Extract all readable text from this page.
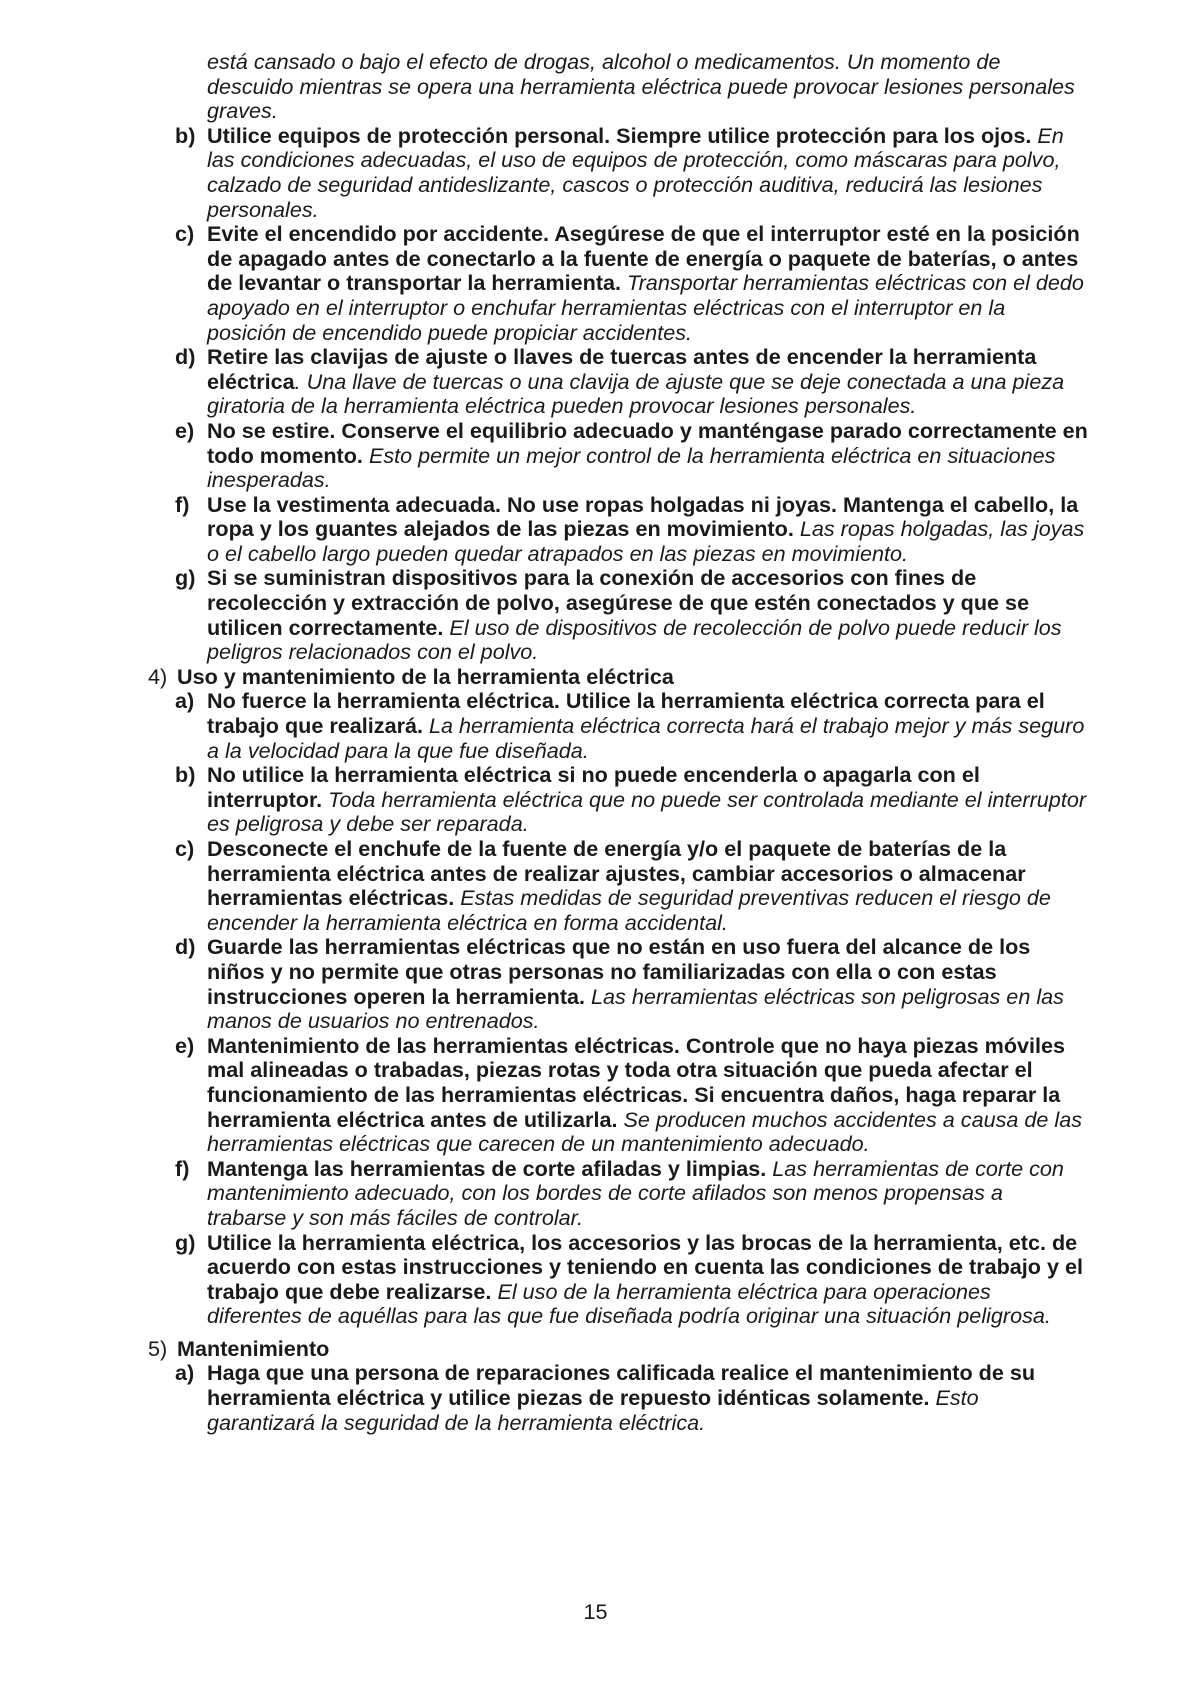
está cansado o bajo el efecto de drogas, alcohol o medicamentos. Un momento de descuido mientras se opera una herramienta eléctrica puede provocar lesiones personales graves.
b) Utilice equipos de protección personal. Siempre utilice protección para los ojos. En las condiciones adecuadas, el uso de equipos de protección, como máscaras para polvo, calzado de seguridad antideslizante, cascos o protección auditiva, reducirá las lesiones personales.
c) Evite el encendido por accidente. Asegúrese de que el interruptor esté en la posición de apagado antes de conectarlo a la fuente de energía o paquete de baterías, o antes de levantar o transportar la herramienta. Transportar herramientas eléctricas con el dedo apoyado en el interruptor o enchufar herramientas eléctricas con el interruptor en la posición de encendido puede propiciar accidentes.
d) Retire las clavijas de ajuste o llaves de tuercas antes de encender la herramienta eléctrica. Una llave de tuercas o una clavija de ajuste que se deje conectada a una pieza giratoria de la herramienta eléctrica pueden provocar lesiones personales.
e) No se estire. Conserve el equilibrio adecuado y manténgase parado correctamente en todo momento. Esto permite un mejor control de la herramienta eléctrica en situaciones inesperadas.
f) Use la vestimenta adecuada. No use ropas holgadas ni joyas. Mantenga el cabello, la ropa y los guantes alejados de las piezas en movimiento. Las ropas holgadas, las joyas o el cabello largo pueden quedar atrapados en las piezas en movimiento.
g) Si se suministran dispositivos para la conexión de accesorios con fines de recolección y extracción de polvo, asegúrese de que estén conectados y que se utilicen correctamente. El uso de dispositivos de recolección de polvo puede reducir los peligros relacionados con el polvo.
4) Uso y mantenimiento de la herramienta eléctrica
a) No fuerce la herramienta eléctrica. Utilice la herramienta eléctrica correcta para el trabajo que realizará. La herramienta eléctrica correcta hará el trabajo mejor y más seguro a la velocidad para la que fue diseñada.
b) No utilice la herramienta eléctrica si no puede encenderla o apagarla con el interruptor. Toda herramienta eléctrica que no puede ser controlada mediante el interruptor es peligrosa y debe ser reparada.
c) Desconecte el enchufe de la fuente de energía y/o el paquete de baterías de la herramienta eléctrica antes de realizar ajustes, cambiar accesorios o almacenar herramientas eléctricas. Estas medidas de seguridad preventivas reducen el riesgo de encender la herramienta eléctrica en forma accidental.
d) Guarde las herramientas eléctricas que no están en uso fuera del alcance de los niños y no permite que otras personas no familiarizadas con ella o con estas instrucciones operen la herramienta. Las herramientas eléctricas son peligrosas en las manos de usuarios no entrenados.
e) Mantenimiento de las herramientas eléctricas. Controle que no haya piezas móviles mal alineadas o trabadas, piezas rotas y toda otra situación que pueda afectar el funcionamiento de las herramientas eléctricas. Si encuentra daños, haga reparar la herramienta eléctrica antes de utilizarla. Se producen muchos accidentes a causa de las herramientas eléctricas que carecen de un mantenimiento adecuado.
f) Mantenga las herramientas de corte afiladas y limpias. Las herramientas de corte con mantenimiento adecuado, con los bordes de corte afilados son menos propensas a trabarse y son más fáciles de controlar.
g) Utilice la herramienta eléctrica, los accesorios y las brocas de la herramienta, etc. de acuerdo con estas instrucciones y teniendo en cuenta las condiciones de trabajo y el trabajo que debe realizarse. El uso de la herramienta eléctrica para operaciones diferentes de aquéllas para las que fue diseñada podría originar una situación peligrosa.
5) Mantenimiento
a) Haga que una persona de reparaciones calificada realice el mantenimiento de su herramienta eléctrica y utilice piezas de repuesto idénticas solamente. Esto garantizará la seguridad de la herramienta eléctrica.
15
